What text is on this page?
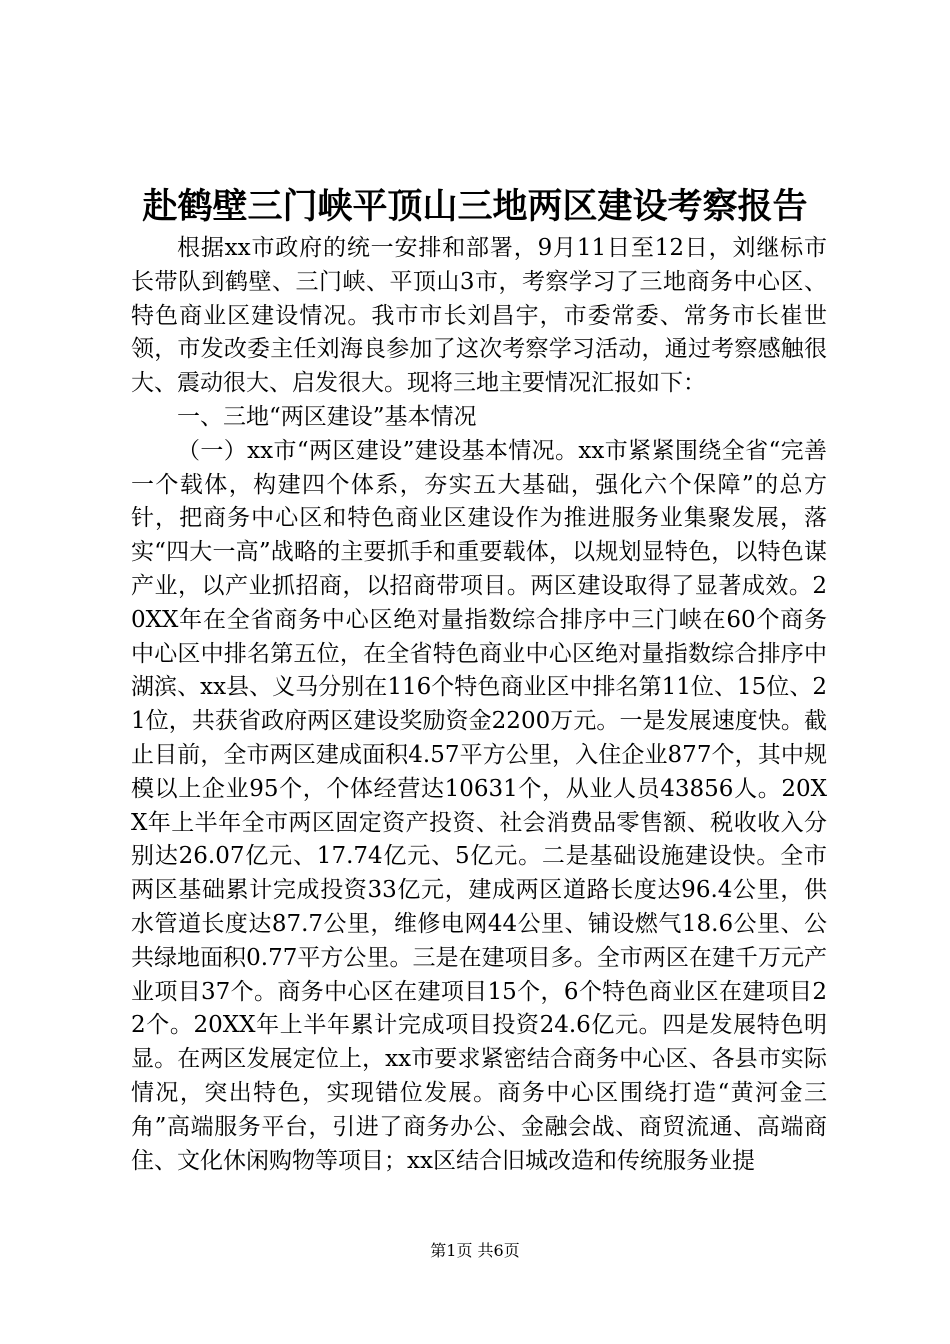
赴鹤壁三门峡平顶山三地两区建设考察报告

根据xx市政府的统一安排和部署，9月11日至12日，刘继标市长带队到鹤壁、三门峡、平顶山3市，考察学习了三地商务中心区、特色商业区建设情况。我市市长刘昌宇，市委常委、常务市长崔世领，市发改委主任刘海良参加了这次考察学习活动，通过考察感触很大、震动很大、启发很大。现将三地主要情况汇报如下：

一、三地“两区建设”基本情况

（一）xx市“两区建设”建设基本情况。xx市紧紧围绕全省“完善一个载体，构建四个体系，夯实五大基础，强化六个保障”的总方针，把商务中心区和特色商业区建设作为推进服务业集聚发展，落实“四大一高”战略的主要抓手和重要载体，以规划显特色，以特色谋产业，以产业抓招商，以招商带项目。两区建设取得了显著成效。20XX年在全省商务中心区绝对量指数综合排序中三门峡在60个商务中心区中排名第五位，在全省特色商业中心区绝对量指数综合排序中湖滨、xx县、义马分别在116个特色商业区中排名第11位、15位、21位，共获省政府两区建设奖励资金2200万元。一是发展速度快。截止目前，全市两区建成面积4.57平方公里，入住企业877个，其中规模以上企业95个，个体经营达10631个，从业人员43856人。20XX年上半年全市两区固定资产投资、社会消费品零售额、税收收入分别达26.07亿元、17.74亿元、5亿元。二是基础设施建设快。全市两区基础累计完成投资33亿元，建成两区道路长度达96.4公里，供水管道长度达87.7公里，维修电网44公里、铺设燃气18.6公里、公共绿地面积0.77平方公里。三是在建项目多。全市两区在建千万元产业项目37个。商务中心区在建项目15个，6个特色商业区在建项目22个。20XX年上半年累计完成项目投资24.6亿元。四是发展特色明显。在两区发展定位上，xx市要求紧密结合商务中心区、各县市实际情况，突出特色，实现错位发展。商务中心区围绕打造“黄河金三角”高端服务平台，引进了商务办公、金融会战、商贸流通、高端商住、文化休闲购物等项目；xx区结合旧城改造和传统服务业提

第1页 共6页
